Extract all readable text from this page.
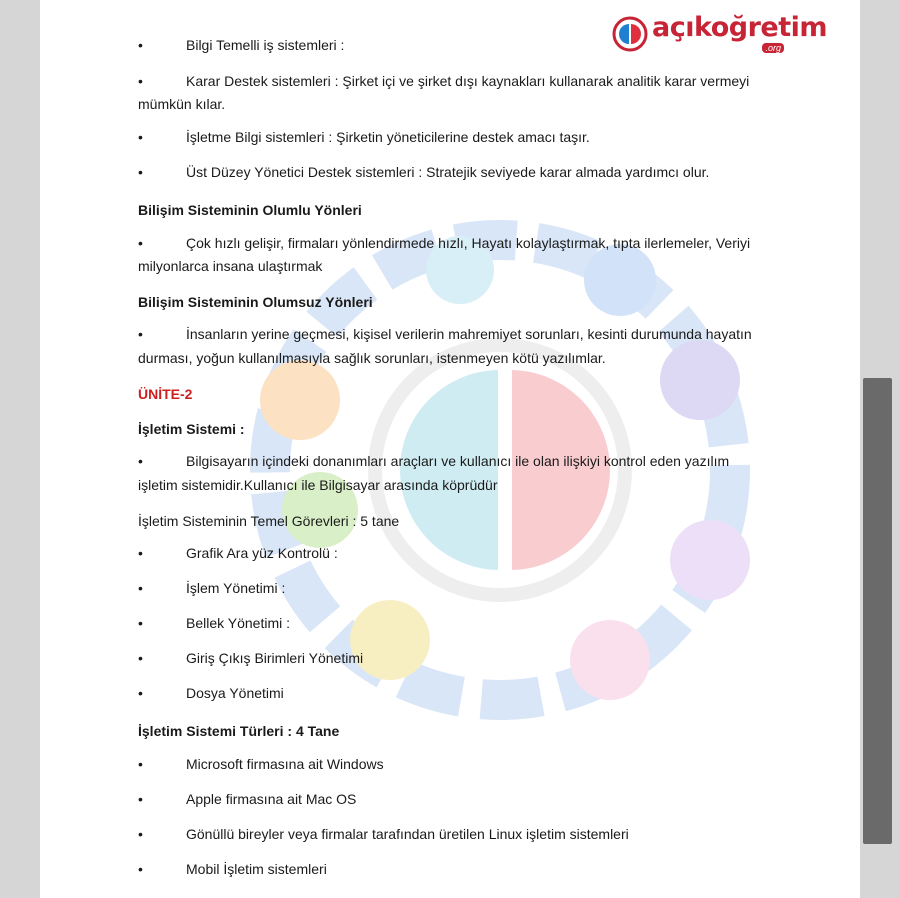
açıkoğretim
.org
•	Bilgi Temelli iş sistemleri :
•	Karar Destek sistemleri : Şirket içi ve şirket dışı kaynakları kullanarak analitik karar vermeyi
mümkün kılar.
•	İşletme Bilgi sistemleri : Şirketin yöneticilerine destek amacı taşır.
•	Üst Düzey Yönetici Destek sistemleri : Stratejik seviyede karar almada yardımcı olur.
Bilişim Sisteminin Olumlu Yönleri
•	Çok hızlı gelişir, firmaları yönlendirmede hızlı, Hayatı kolaylaştırmak, tıpta ilerlemeler, Veriyi
milyonlarca insana ulaştırmak
Bilişim Sisteminin Olumsuz Yönleri
•	İnsanların yerine geçmesi, kişisel verilerin mahremiyet sorunları, kesinti durumunda hayatın
durması, yoğun kullanılmasıyla sağlık sorunları, istenmeyen kötü yazılımlar.
ÜNİTE-2
İşletim Sistemi :
•	Bilgisayarın içindeki donanımları araçları ve kullanıcı ile olan ilişkiyi kontrol eden yazılım
işletim sistemidir.Kullanıcı ile Bilgisayar arasında köprüdür
İşletim Sisteminin Temel Görevleri : 5 tane
•	Grafik Ara yüz Kontrolü :
•	İşlem Yönetimi :
•	Bellek Yönetimi :
•	Giriş Çıkış Birimleri Yönetimi
•	Dosya Yönetimi
İşletim Sistemi Türleri : 4 Tane
•	Microsoft firmasına ait Windows
•	Apple firmasına ait Mac OS
•	Gönüllü bireyler veya firmalar tarafından üretilen Linux işletim sistemleri
•	Mobil İşletim sistemleri
